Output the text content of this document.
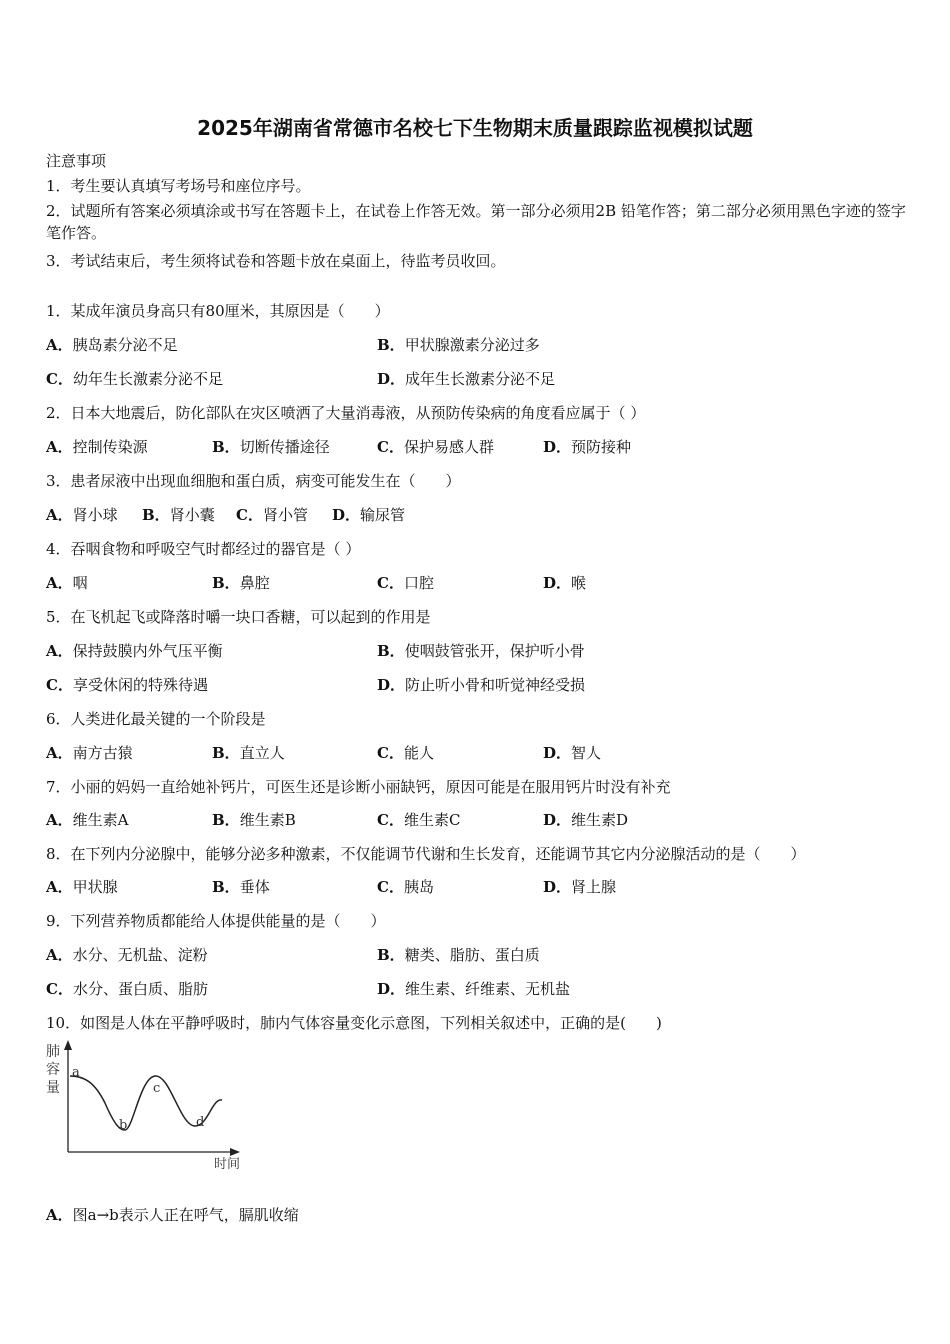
2025年湖南省常德市名校七下生物期末质量跟踪监视模拟试题
注意事项
1．考生要认真填写考场号和座位序号。
2．试题所有答案必须填涂或书写在答题卡上，在试卷上作答无效。第一部分必须用2B 铅笔作答；第二部分必须用黑色字迹的签字笔作答。
3．考试结束后，考生须将试卷和答题卡放在桌面上，待监考员收回。
1．某成年演员身高只有80厘米，其原因是（　　）
A．胰岛素分泌不足	B．甲状腺激素分泌过多
C．幼年生长激素分泌不足	D．成年生长激素分泌不足
2．日本大地震后，防化部队在灾区喷洒了大量消毒液，从预防传染病的角度看应属于（ ）
A．控制传染源	B．切断传播途径	C．保护易感人群	D．预防接种
3．患者尿液中出现血细胞和蛋白质，病变可能发生在（　　）
A．肾小球 B．肾小囊 C．肾小管 D．输尿管
4．吞咽食物和呼吸空气时都经过的器官是（ ）
A．咽	B．鼻腔	C．口腔	D．喉
5．在飞机起飞或降落时嚼一块口香糖，可以起到的作用是
A．保持鼓膜内外气压平衡	B．使咽鼓管张开，保护听小骨
C．享受休闲的特殊待遇	D．防止听小骨和听觉神经受损
6．人类进化最关键的一个阶段是
A．南方古猿	B．直立人	C．能人	D．智人
7．小丽的妈妈一直给她补钙片，可医生还是诊断小丽缺钙，原因可能是在服用钙片时没有补充
A．维生素A	B．维生素B	C．维生素C	D．维生素D
8．在下列内分泌腺中，能够分泌多种激素，不仅能调节代谢和生长发育，还能调节其它内分泌腺活动的是（　　）
A．甲状腺	B．垂体	C．胰岛	D．肾上腺
9．下列营养物质都能给人体提供能量的是（　　）
A．水分、无机盐、淀粉	B．糖类、脂肪、蛋白质
C．水分、蛋白质、脂肪	D．维生素、纤维素、无机盐
10．如图是人体在平静呼吸时，肺内气体容量变化示意图，下列相关叙述中，正确的是(　　)
肺
容
量
a
b
c
d
时间
A．图a→b表示人正在呼气，膈肌收缩
